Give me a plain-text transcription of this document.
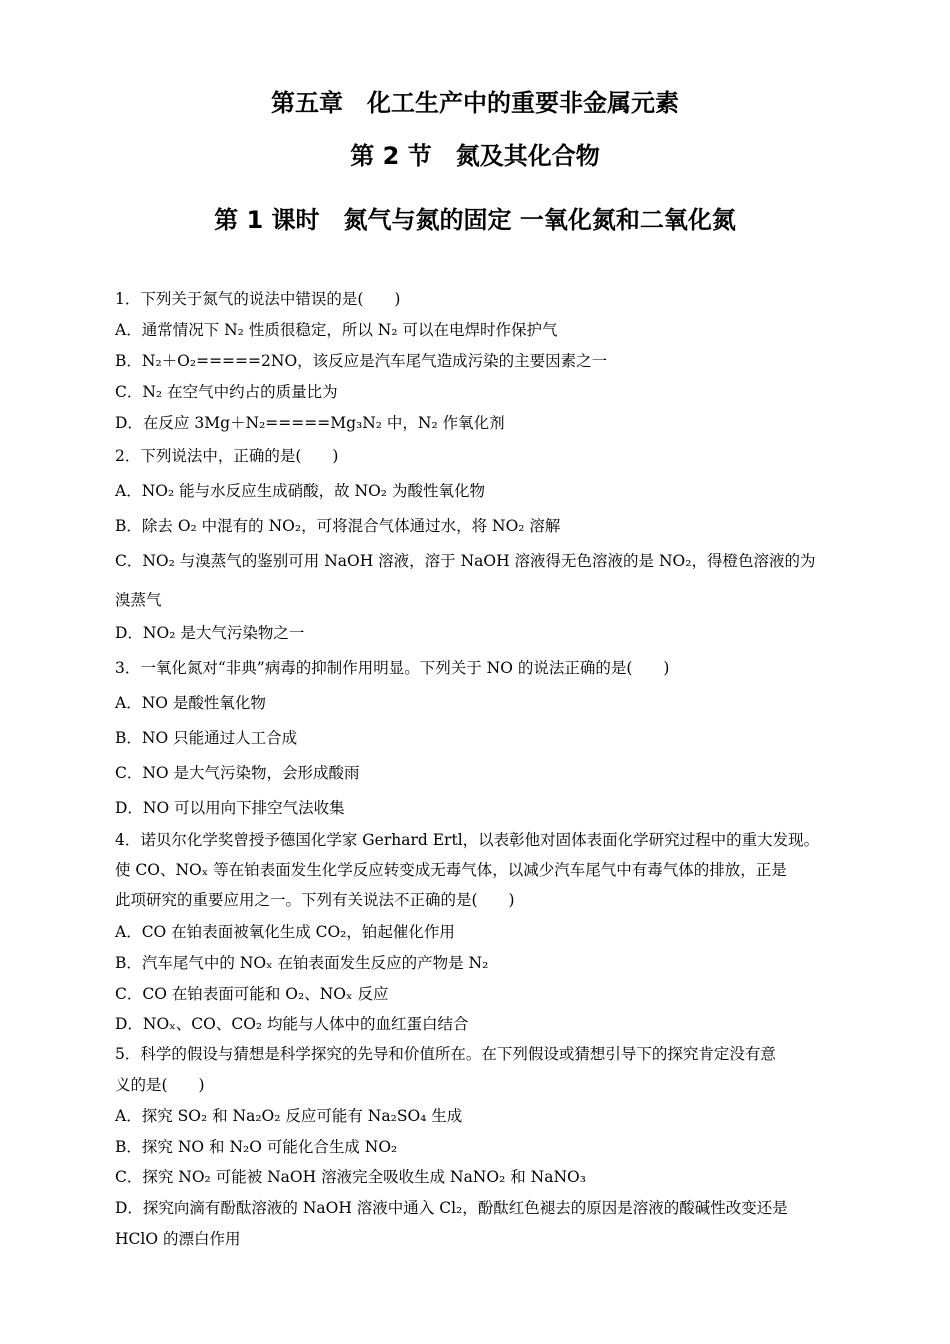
第五章　化工生产中的重要非金属元素
第 2 节　氮及其化合物
第 1 课时　氮气与氮的固定 一氧化氮和二氧化氮
1．下列关于氮气的说法中错误的是(　　)
A．通常情况下 N₂ 性质很稳定，所以 N₂ 可以在电焊时作保护气
B．N₂＋O₂=====2NO，该反应是汽车尾气造成污染的主要因素之一
C．N₂ 在空气中约占的质量比为
D．在反应 3Mg＋N₂=====Mg₃N₂ 中，N₂ 作氧化剂
2．下列说法中，正确的是(　　)
A．NO₂ 能与水反应生成硝酸，故 NO₂ 为酸性氧化物
B．除去 O₂ 中混有的 NO₂，可将混合气体通过水，将 NO₂ 溶解
C．NO₂ 与溴蒸气的鉴别可用 NaOH 溶液，溶于 NaOH 溶液得无色溶液的是 NO₂，得橙色溶液的为
溴蒸气
D．NO₂ 是大气污染物之一
3．一氧化氮对“非典”病毒的抑制作用明显。下列关于 NO 的说法正确的是(　　)
A．NO 是酸性氧化物
B．NO 只能通过人工合成
C．NO 是大气污染物，会形成酸雨
D．NO 可以用向下排空气法收集
4．诺贝尔化学奖曾授予德国化学家 Gerhard Ertl，以表彰他对固体表面化学研究过程中的重大发现。
使 CO、NOₓ 等在铂表面发生化学反应转变成无毒气体，以减少汽车尾气中有毒气体的排放，正是
此项研究的重要应用之一。下列有关说法不正确的是(　　)
A．CO 在铂表面被氧化生成 CO₂，铂起催化作用
B．汽车尾气中的 NOₓ 在铂表面发生反应的产物是 N₂
C．CO 在铂表面可能和 O₂、NOₓ 反应
D．NOₓ、CO、CO₂ 均能与人体中的血红蛋白结合
5．科学的假设与猜想是科学探究的先导和价值所在。在下列假设或猜想引导下的探究肯定没有意
义的是(　　)
A．探究 SO₂ 和 Na₂O₂ 反应可能有 Na₂SO₄ 生成
B．探究 NO 和 N₂O 可能化合生成 NO₂
C．探究 NO₂ 可能被 NaOH 溶液完全吸收生成 NaNO₂ 和 NaNO₃
D．探究向滴有酚酞溶液的 NaOH 溶液中通入 Cl₂，酚酞红色褪去的原因是溶液的酸碱性改变还是
HClO 的漂白作用
